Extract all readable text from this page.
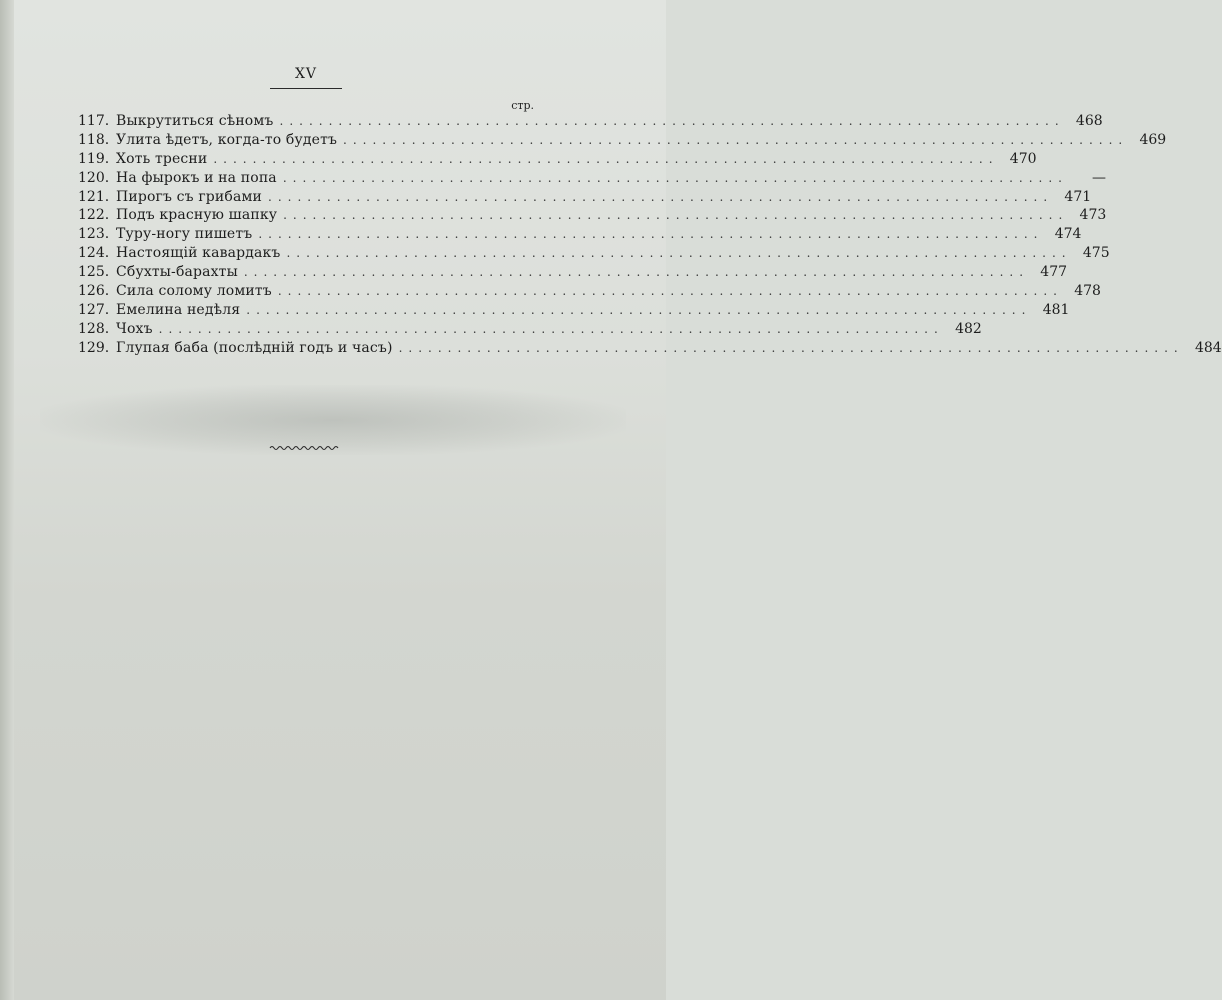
XV
стр.
117. Выкрутиться сѣномъ ................................................................................ 468
118. Улита ѣдетъ, когда-то будетъ ................................................................................ 469
119. Хоть тресни ................................................................................ 470
120. На фырокъ и на попа ................................................................................	—
121. Пирогъ съ грибами ................................................................................ 471
122. Подъ красную шапку ................................................................................ 473
123. Туру-ногу пишетъ ................................................................................ 474
124. Настоящій кавардакъ ................................................................................ 475
125. Сбухты-барахты ................................................................................ 477
126. Сила солому ломитъ ................................................................................ 478
127. Емелина недѣля ................................................................................ 481
128. Чохъ ................................................................................ 482
129. Глупая баба (послѣдній годъ и часъ) ................................................................................ 484
